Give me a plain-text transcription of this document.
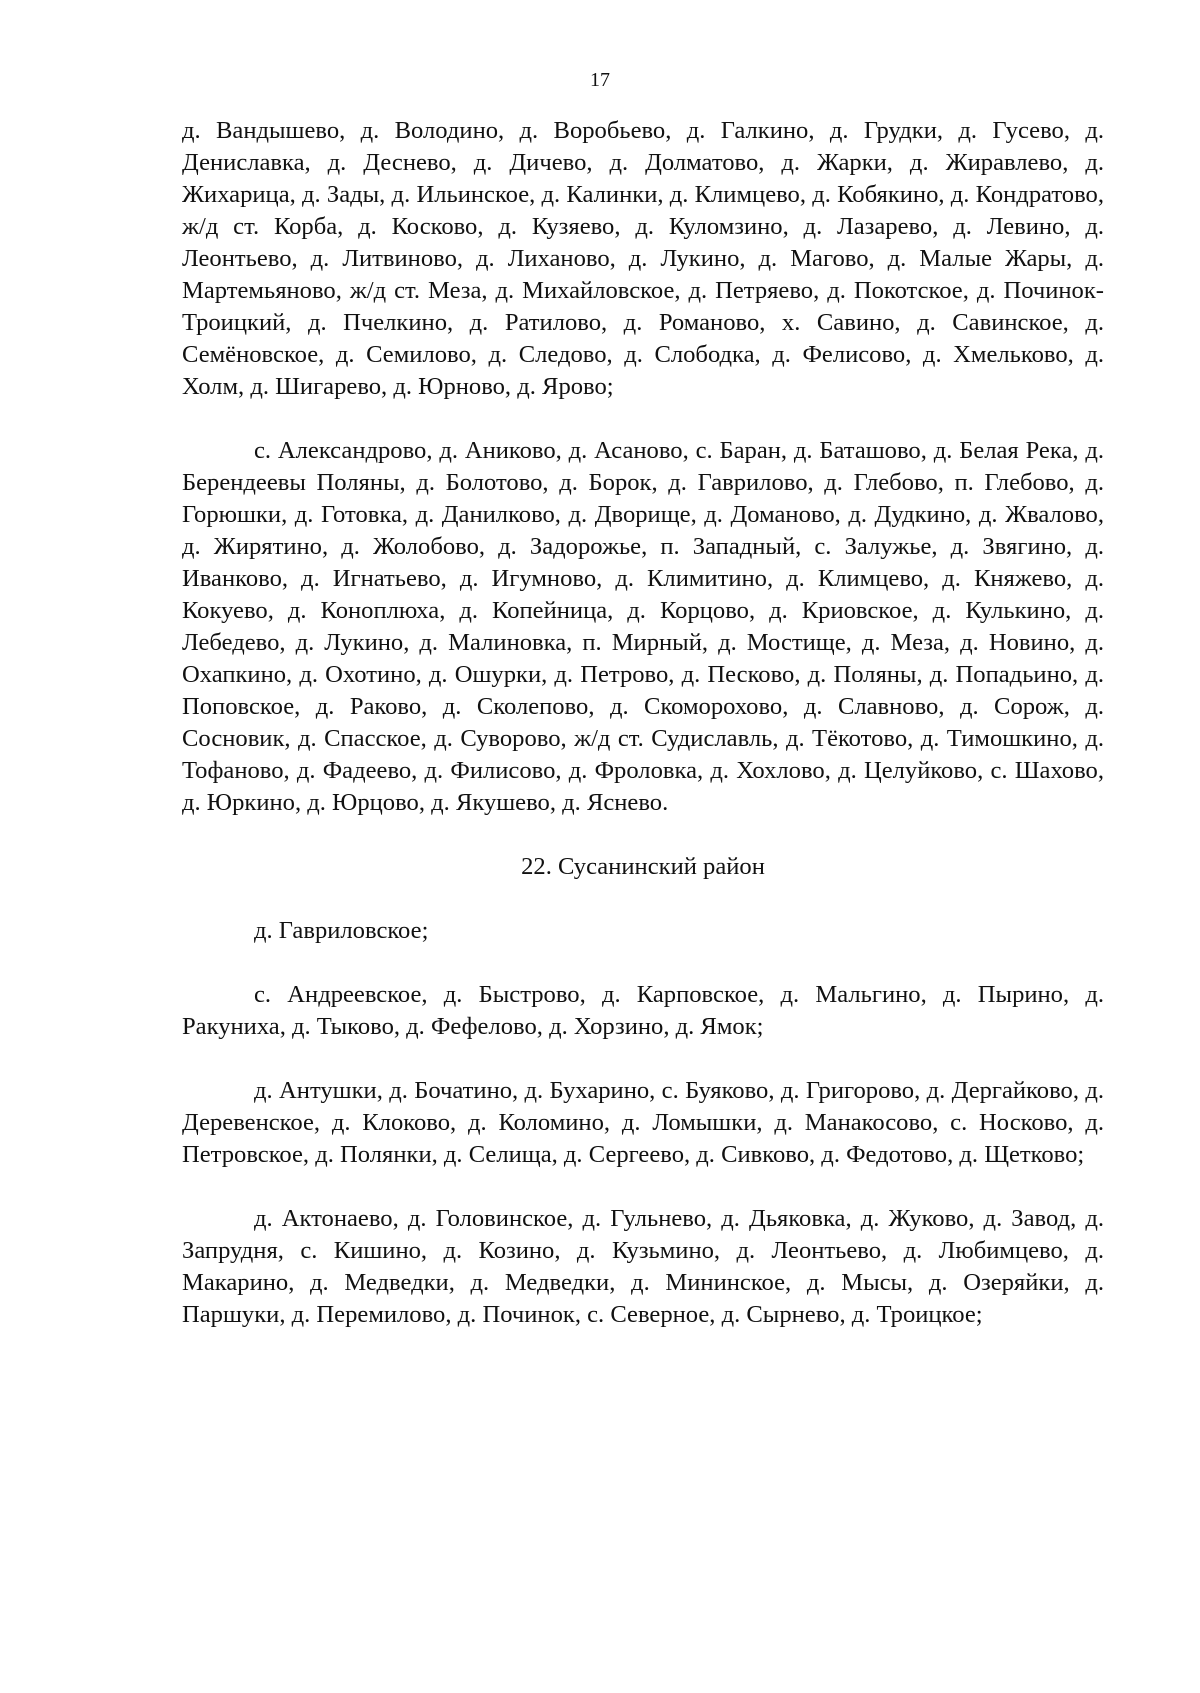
17

д. Вандышево, д. Володино, д. Воробьево, д. Галкино, д. Грудки, д. Гусево, д. Денислaвка, д. Деснево, д. Дичево, д. Долматово, д. Жарки, д. Жиравлево, д. Жихарица, д. Зады, д. Ильинское, д. Калинки, д. Климцево, д. Кобякино, д. Кондратово, ж/д ст. Корба, д. Косково, д. Кузяево, д. Куломзино, д. Лазарево, д. Левино, д. Леонтьево, д. Литвиново, д. Лиханово, д. Лукино, д. Магово, д. Малые Жары, д. Мартемьяново, ж/д ст. Меза, д. Михайловское, д. Петряево, д. Покотское, д. Починок-Троицкий, д. Пчелкино, д. Ратилово, д. Романово, х. Савино, д. Савинское, д. Семёновское, д. Семилово, д. Следово, д. Слободка, д. Фелисово, д. Хмельково, д. Холм, д. Шигарево, д. Юрново, д. Ярово;

с. Александрово, д. Аниково, д. Асаново, с. Баран, д. Баташово, д. Белая Река, д. Берендеевы Поляны, д. Болотово, д. Борок, д. Гаврилово, д. Глебово, п. Глебово, д. Горюшки, д. Готовка, д. Данилково, д. Дворище, д. Доманово, д. Дудкино, д. Жвалово, д. Жирятино, д. Жолобово, д. Задорожье, п. Западный, с. Залужье, д. Звягино, д. Иванково, д. Игнатьево, д. Игумново, д. Климитино, д. Климцево, д. Княжево, д. Кокуево, д. Коноплюха, д. Копейница, д. Корцово, д. Криовское, д. Кулькино, д. Лебедево, д. Лукино, д. Малиновка, п. Мирный, д. Мостище, д. Меза, д. Новино, д. Охапкино, д. Охотино, д. Ошурки, д. Петрово, д. Песково, д. Поляны, д. Попадьино, д. Поповское, д. Раково, д. Сколепово, д. Скоморохово, д. Славново, д. Сорож, д. Сосновик, д. Спасское, д. Суворово, ж/д ст. Судиславль, д. Тёкотово, д. Тимошкино, д. Тофаново, д. Фадеево, д. Филисово, д. Фроловка, д. Хохлово, д. Целуйково, с. Шахово, д. Юркино, д. Юрцово, д. Якушево, д. Яснево.

22. Сусанинский район

д. Гавриловское;

с. Андреевское, д. Быстрово, д. Карповское, д. Мальгино, д. Пырино, д. Ракуниха, д. Тыково, д. Фефелово, д. Хорзино, д. Ямок;

д. Антушки, д. Бочатино, д. Бухарино, с. Буяково, д. Григорово, д. Дергайково, д. Деревенское, д. Клоково, д. Коломино, д. Ломышки, д. Манакосово, с. Носково, д. Петровское, д. Полянки, д. Селища, д. Сергеево, д. Сивково, д. Федотово, д. Щетково;

д. Актонаево, д. Головинское, д. Гульнево, д. Дьяковка, д. Жуково, д. Завод, д. Запрудня, с. Кишино, д. Козино, д. Кузьмино, д. Леонтьево, д. Любимцево, д. Макарино, д. Медведки, д. Медведки, д. Мининское, д. Мысы, д. Озеряйки, д. Паршуки, д. Перемилово, д. Починок, с. Северное, д. Сырнево, д. Троицкое;
